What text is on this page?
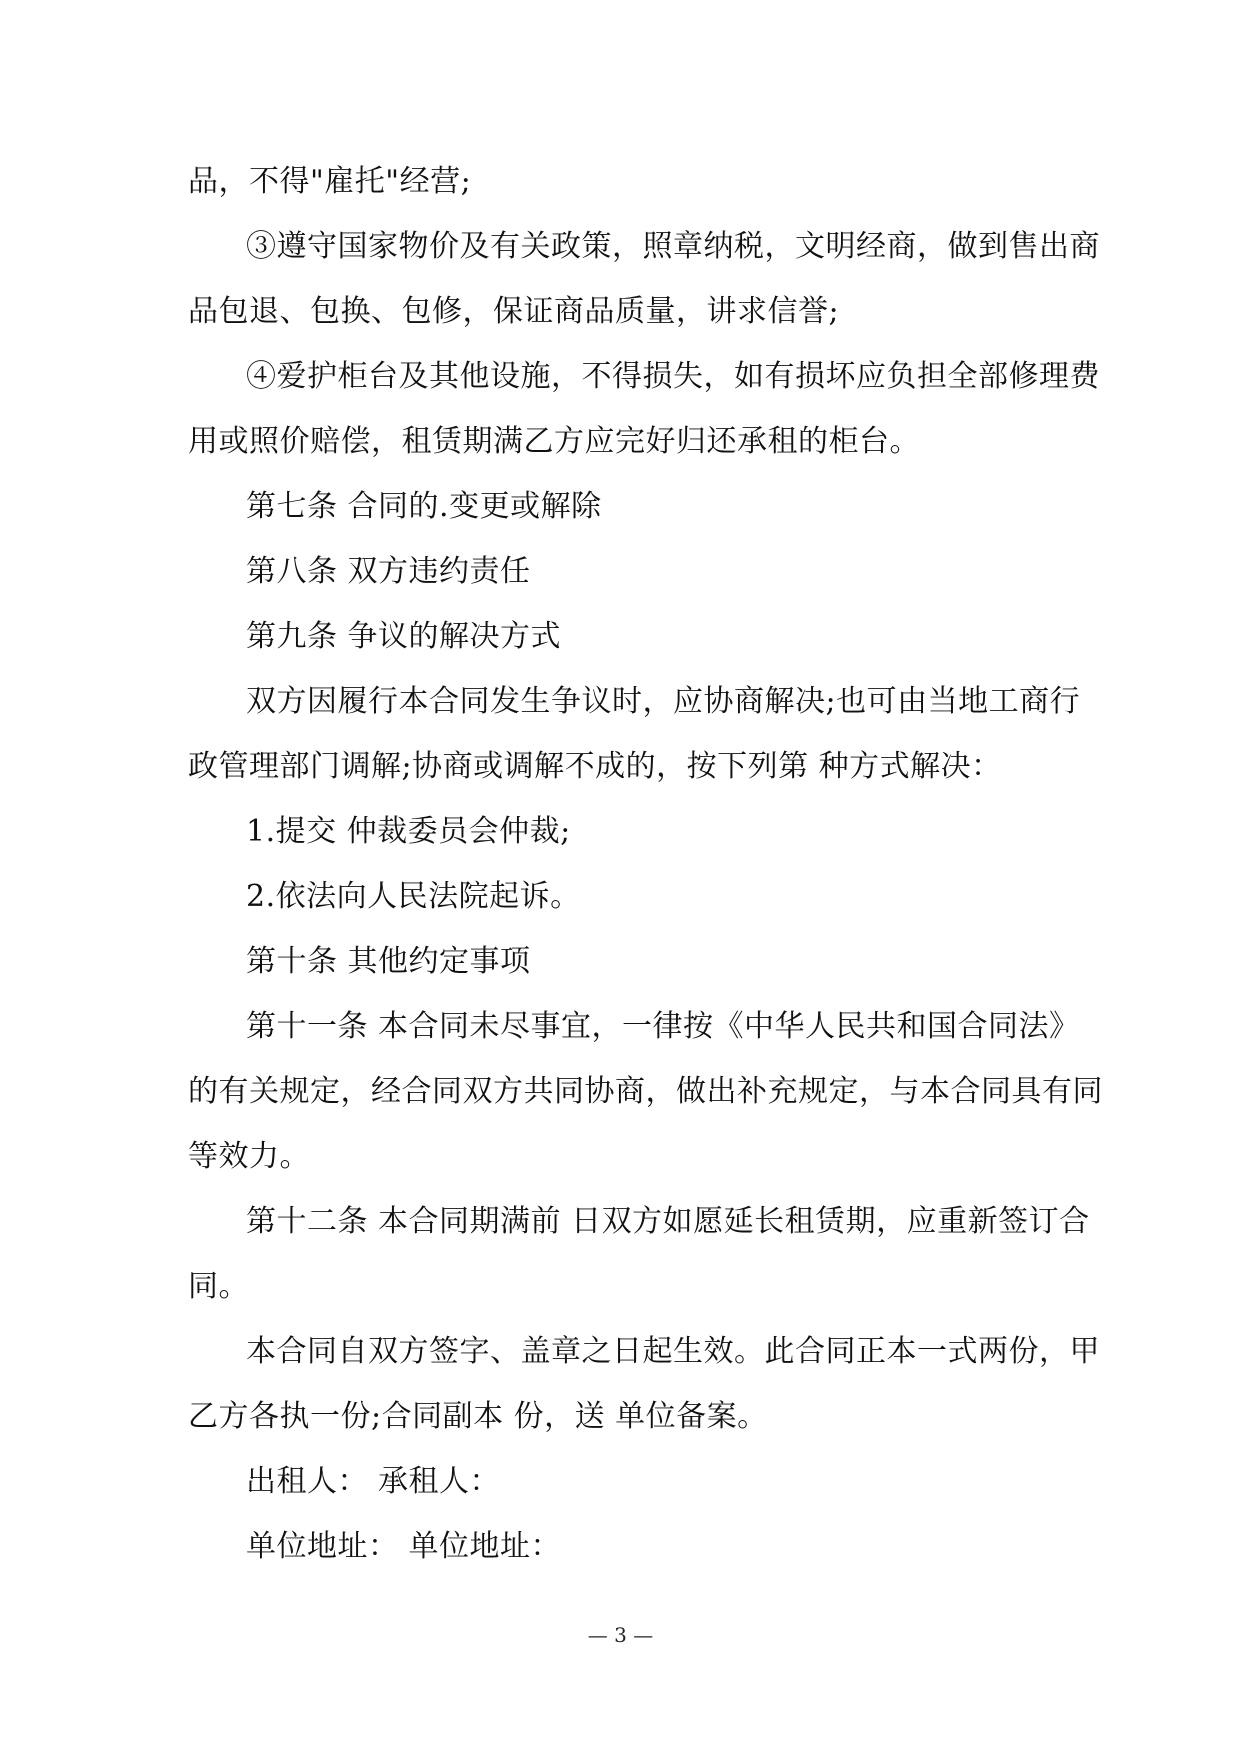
品，不得"雇托"经营;
③遵守国家物价及有关政策，照章纳税，文明经商，做到售出商
品包退、包换、包修，保证商品质量，讲求信誉;
④爱护柜台及其他设施，不得损失，如有损坏应负担全部修理费
用或照价赔偿，租赁期满乙方应完好归还承租的柜台。
第七条 合同的.变更或解除
第八条 双方违约责任
第九条 争议的解决方式
双方因履行本合同发生争议时，应协商解决;也可由当地工商行
政管理部门调解;协商或调解不成的，按下列第 种方式解决：
1.提交 仲裁委员会仲裁;
2.依法向人民法院起诉。
第十条 其他约定事项
第十一条 本合同未尽事宜，一律按《中华人民共和国合同法》
的有关规定，经合同双方共同协商，做出补充规定，与本合同具有同
等效力。
第十二条 本合同期满前 日双方如愿延长租赁期，应重新签订合
同。
本合同自双方签字、盖章之日起生效。此合同正本一式两份，甲
乙方各执一份;合同副本 份，送 单位备案。
出租人： 承租人：
单位地址： 单位地址：
— 3 —
